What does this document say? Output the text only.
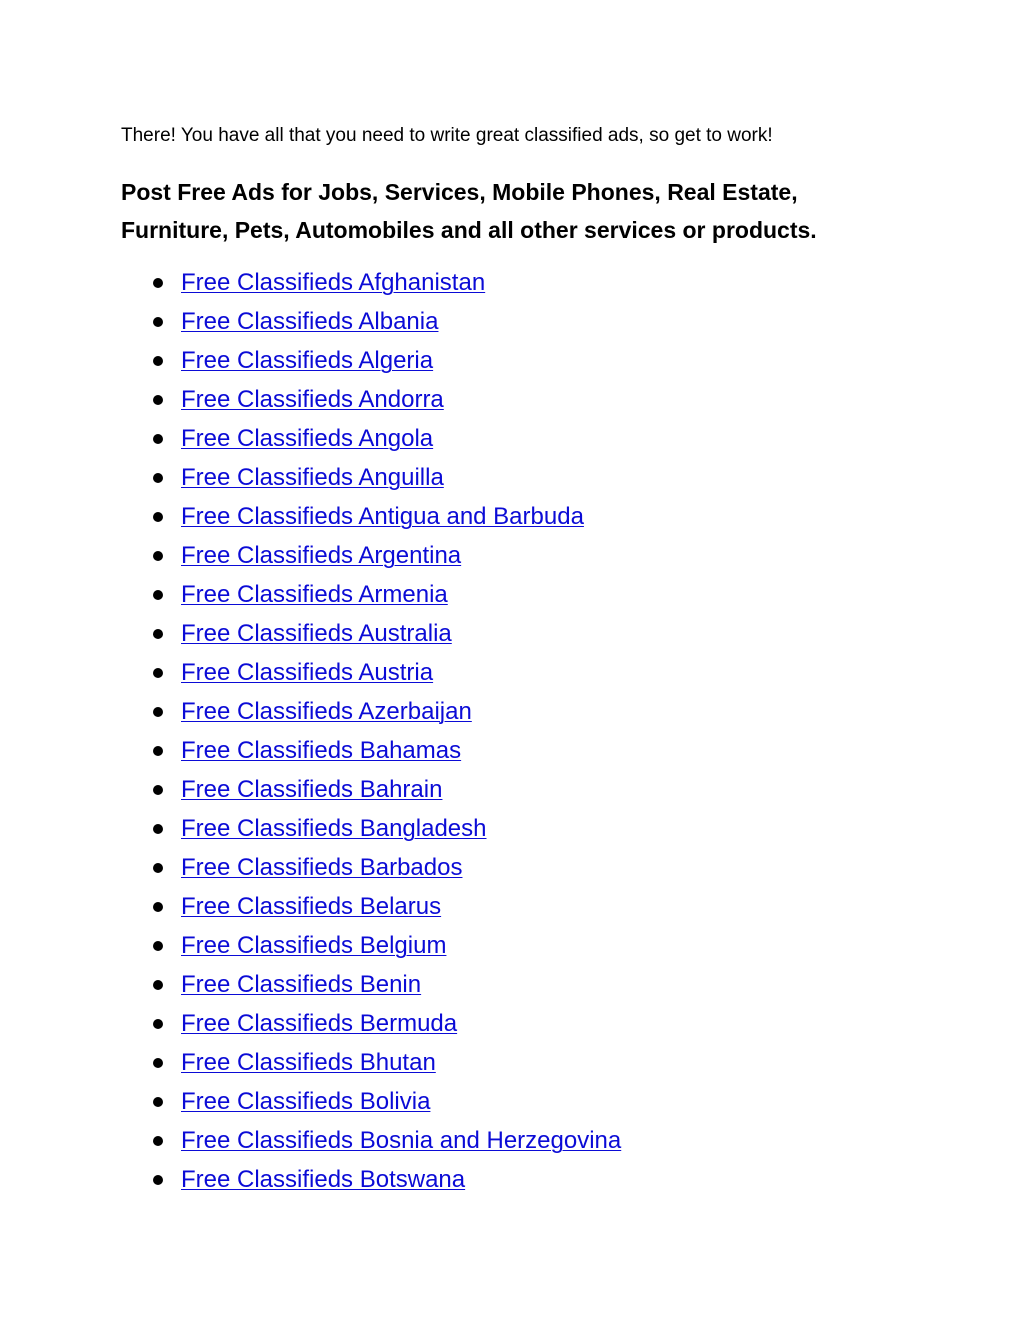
There! You have all that you need to write great classified ads, so get to work!

Post Free Ads for Jobs, Services, Mobile Phones, Real Estate,
Furniture, Pets, Automobiles and all other services or products.
Free Classifieds Afghanistan
Free Classifieds Albania
Free Classifieds Algeria
Free Classifieds Andorra
Free Classifieds Angola
Free Classifieds Anguilla
Free Classifieds Antigua and Barbuda
Free Classifieds Argentina
Free Classifieds Armenia
Free Classifieds Australia
Free Classifieds Austria
Free Classifieds Azerbaijan
Free Classifieds Bahamas
Free Classifieds Bahrain
Free Classifieds Bangladesh
Free Classifieds Barbados
Free Classifieds Belarus
Free Classifieds Belgium
Free Classifieds Benin
Free Classifieds Bermuda
Free Classifieds Bhutan
Free Classifieds Bolivia
Free Classifieds Bosnia and Herzegovina
Free Classifieds Botswana
